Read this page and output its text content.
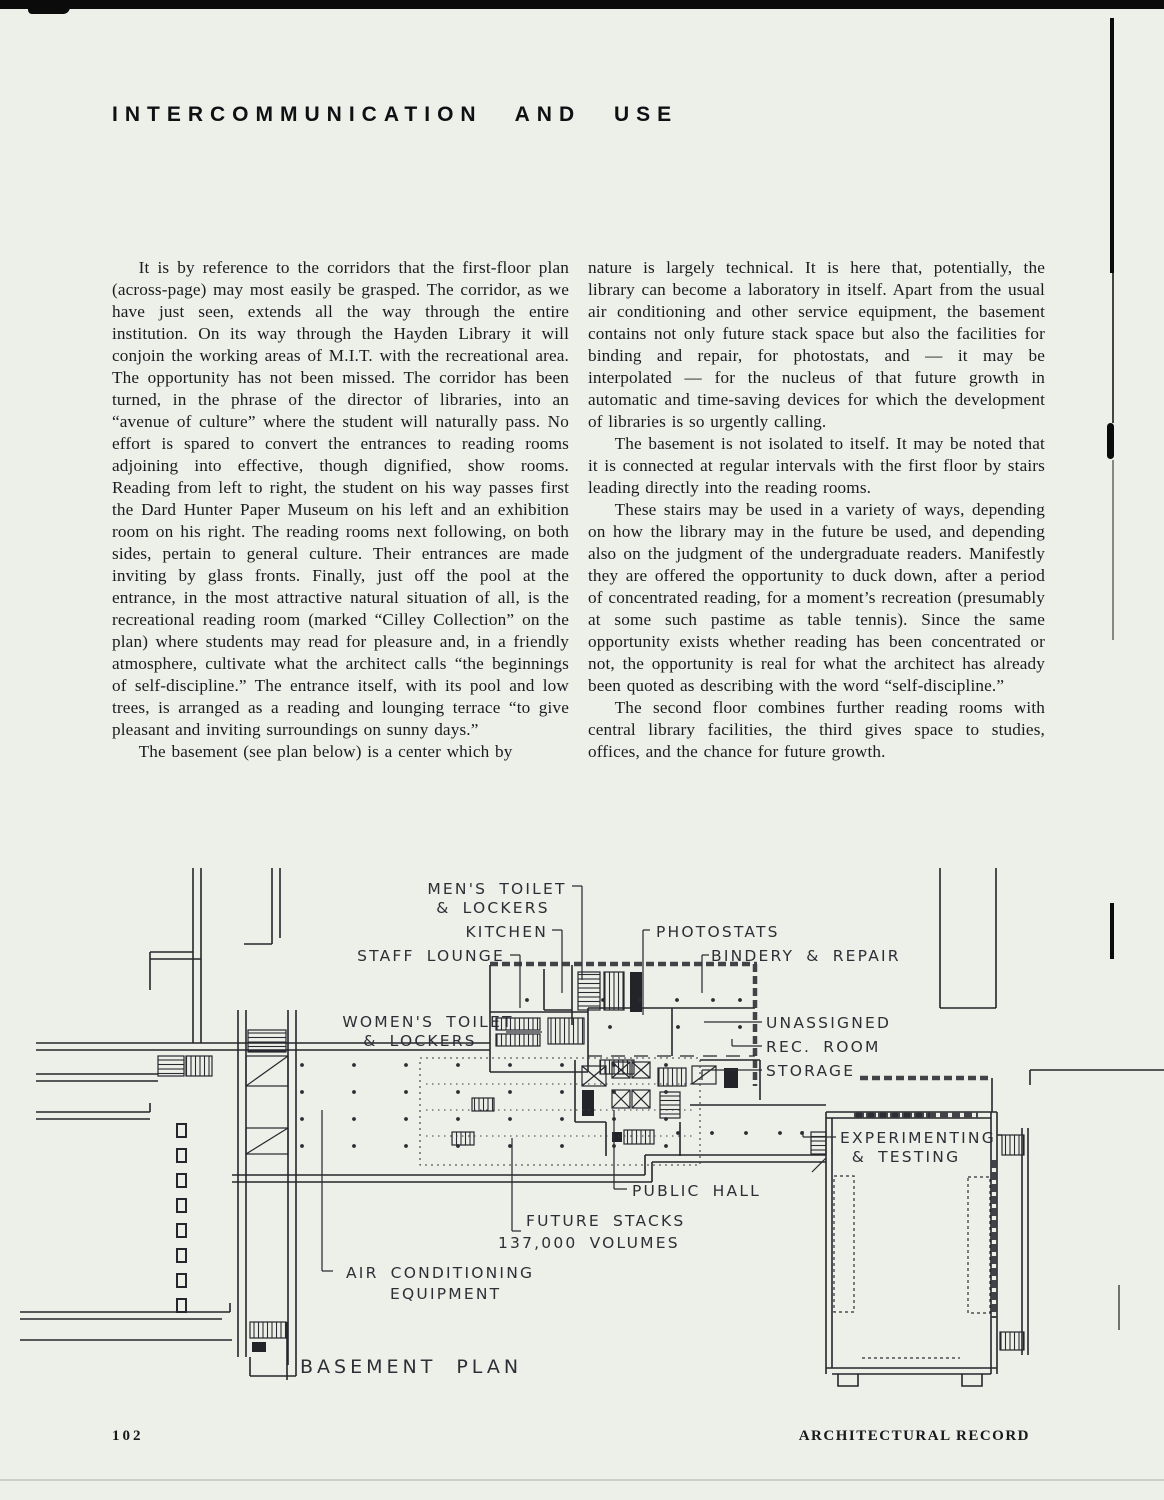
INTERCOMMUNICATION AND USE

It is by reference to the corridors that the first-floor plan (across-page) may most easily be grasped. The corridor, as we have just seen, extends all the way through the entire institution. On its way through the Hayden Library it will conjoin the working areas of M.I.T. with the recreational area. The opportunity has not been missed. The corridor has been turned, in the phrase of the director of libraries, into an “avenue of culture” where the student will naturally pass. No effort is spared to convert the entrances to reading rooms adjoining into effective, though dignified, show rooms. Reading from left to right, the student on his way passes first the Dard Hunter Paper Museum on his left and an exhibition room on his right. The reading rooms next following, on both sides, pertain to general culture. Their entrances are made inviting by glass fronts. Finally, just off the pool at the entrance, in the most attractive natural situation of all, is the recreational reading room (marked “Cilley Collection” on the plan) where students may read for pleasure and, in a friendly atmosphere, cultivate what the architect calls “the beginnings of self-discipline.” The entrance itself, with its pool and low trees, is arranged as a reading and lounging terrace “to give pleasant and inviting surroundings on sunny days.”

The basement (see plan below) is a center which by

nature is largely technical. It is here that, potentially, the library can become a laboratory in itself. Apart from the usual air conditioning and other service equipment, the basement contains not only future stack space but also the facilities for binding and repair, for photostats, and — it may be interpolated — for the nucleus of that future growth in automatic and time-saving devices for which the development of libraries is so urgently calling.

The basement is not isolated to itself. It may be noted that it is connected at regular intervals with the first floor by stairs leading directly into the reading rooms.

These stairs may be used in a variety of ways, depending on how the library may in the future be used, and depending also on the judgment of the undergraduate readers. Manifestly they are offered the opportunity to duck down, after a period of concentrated reading, for a moment’s recreation (presumably at some such pastime as table tennis). Since the same opportunity exists whether reading has been concentrated or not, the opportunity is real for what the architect has already been quoted as describing with the word “self-discipline.”

The second floor combines further reading rooms with central library facilities, the third gives space to studies, offices, and the chance for future growth.

MEN'S TOILET
& LOCKERS
KITCHEN
STAFF LOUNGE
PHOTOSTATS
BINDERY & REPAIR
WOMEN'S TOILET
& LOCKERS
UNASSIGNED
REC. ROOM
STORAGE
EXPERIMENTING
& TESTING
PUBLIC HALL
FUTURE STACKS
137,000 VOLUMES
AIR CONDITIONING
EQUIPMENT
BASEMENT PLAN
102	ARCHITECTURAL RECORD
